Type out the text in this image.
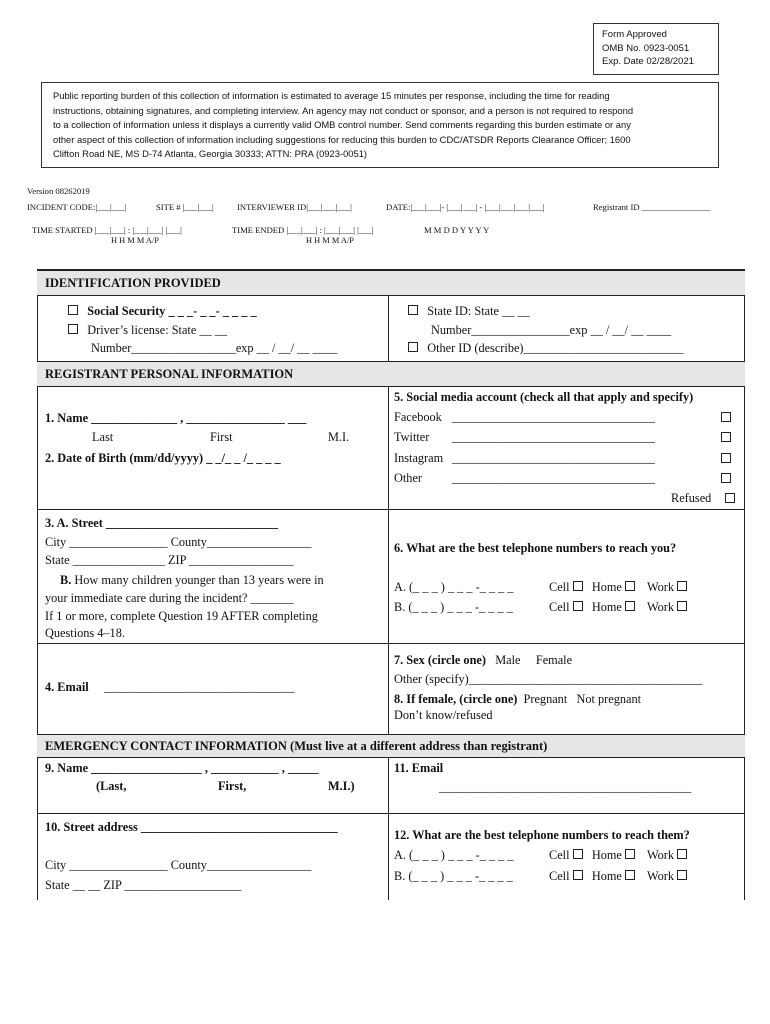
Form Approved
OMB No. 0923-0051
Exp. Date 02/28/2021
Public reporting burden of this collection of information is estimated to average 15 minutes per response, including the time for reading
instructions, obtaining signatures, and completing interview. An agency may not conduct or sponsor, and a person is not required to respond
to a collection of information unless it displays a currently valid OMB control number. Send comments regarding this burden estimate or any
other aspect of this collection of information including suggestions for reducing this burden to CDC/ATSDR Reports Clearance Officer; 1600
Clifton Road NE, MS D-74 Atlanta, Georgia 30333; ATTN: PRA (0923-0051)
Version 08262019
INCIDENT CODE:|___|___|	SITE # |___|___|	INTERVIEWER ID|___|___|___|	DATE:|___|___|- |___|___| - |___|___|___|___|	Registrant ID ________________
TIME STARTED |___|___| : |___|___| |___|
H H M M A/P
TIME ENDED |___|___| : |___|___| |___|
H H M M A/P
M M D D Y Y Y Y
IDENTIFICATION PROVIDED
Social Security _ _ _- _ _- _ _ _ _
Driver’s license: State __ __
Number_________________exp __ / __/ __ ____
State ID: State __ __
Number________________exp __ / __/ __ ____
Other ID (describe)__________________________
REGISTRANT PERSONAL INFORMATION
1. Name ______________ , ________________ ___
Last	First	M.I.
2. Date of Birth (mm/dd/yyyy) _ _/_ _ /_ _ _ _
5. Social media account (check all that apply and specify)
Facebook _________________________________
Twitter _________________________________
Instagram _________________________________
Other _________________________________
Refused
3. A. Street ____________________________
City ________________ County_________________
State _______________ ZIP _________________
B. How many children younger than 13 years were in
your immediate care during the incident? _______
If 1 or more, complete Question 19 AFTER completing
Questions 4–18.
6. What are the best telephone numbers to reach you?
A. (_ _ _ ) _ _ _ -_ _ _ _	Cell Home Work
B. (_ _ _ ) _ _ _ -_ _ _ _	Cell Home Work
4. Email _______________________________
7. Sex (circle one) Male Female
Other (specify)______________________________________
8. If female, (circle one) Pregnant Not pregnant
Don’t know/refused
EMERGENCY CONTACT INFORMATION (Must live at a different address than registrant)
9. Name __________________ , ___________ , _____
(Last,	First,	M.I.)
11. Email
_________________________________________
10. Street address ________________________________
City ________________ County_________________
State __ __ ZIP ___________________
12. What are the best telephone numbers to reach them?
A. (_ _ _ ) _ _ _ -_ _ _ _	Cell Home Work
B. (_ _ _ ) _ _ _ -_ _ _ _	Cell Home Work
